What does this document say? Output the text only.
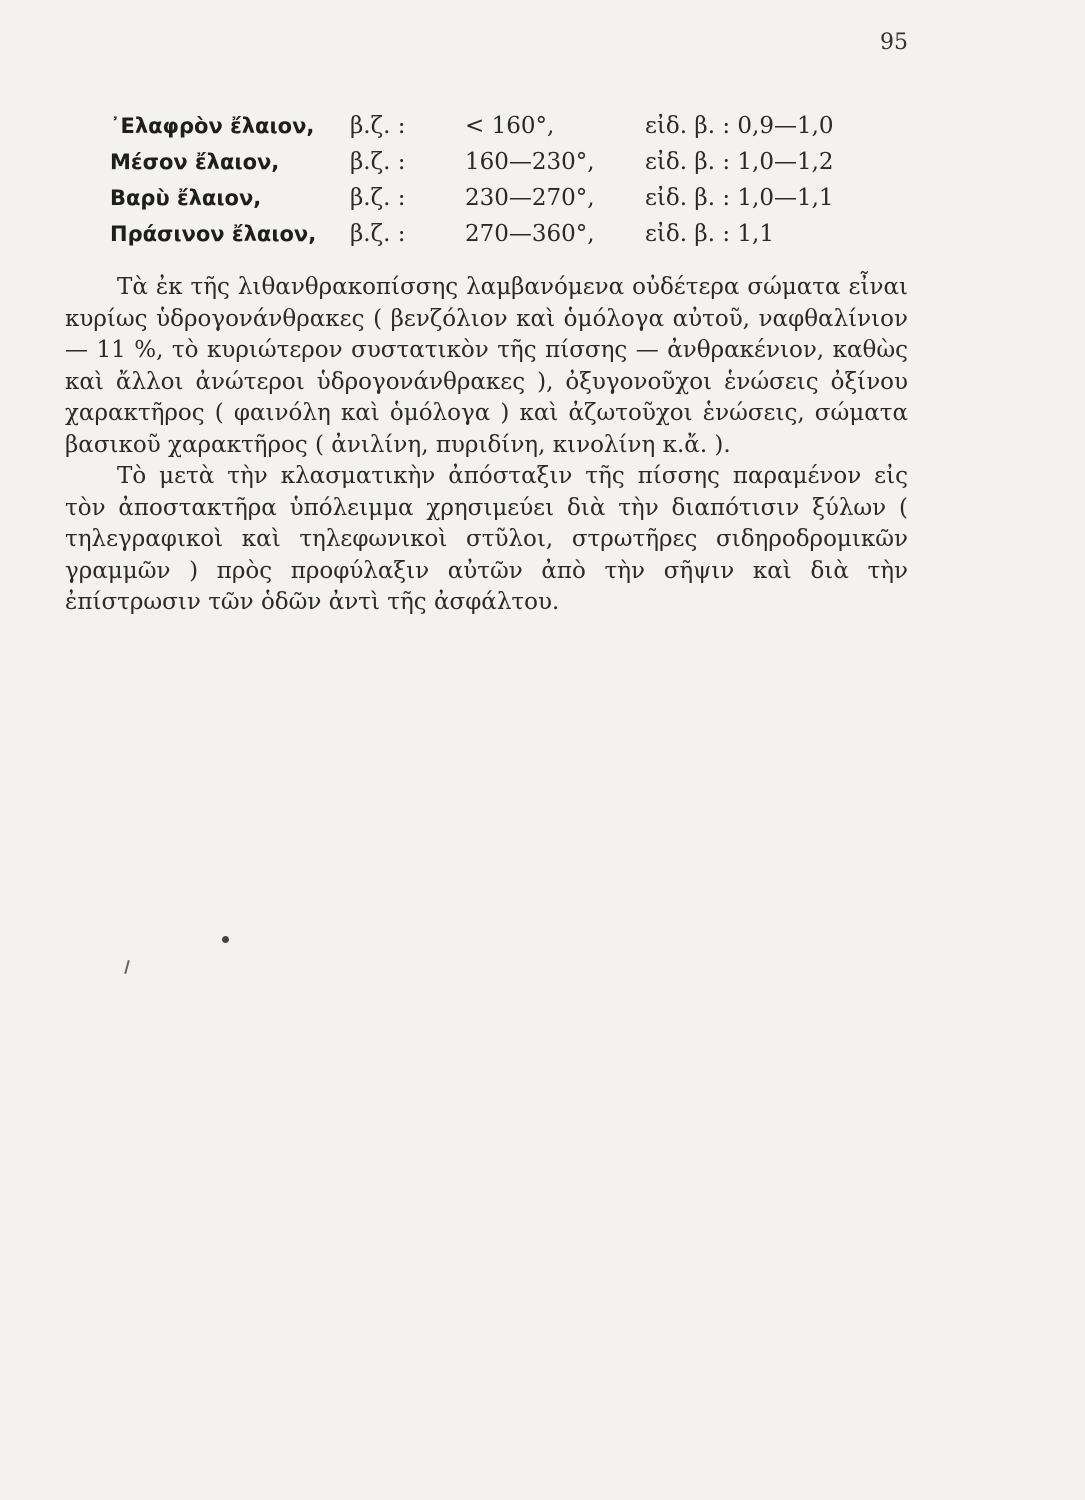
95
᾿Ελαφρὸν ἔλαιον, β.ζ. :	< 160°,	εἰδ. β. : 0,9—1,0
Μέσον ἔλαιον,	β.ζ. :	160—230°, εἰδ. β. : 1,0—1,2
Βαρὺ ἔλαιον,	β.ζ. :	230—270°, εἰδ. β. : 1,0—1,1
Πράσινον ἔλαιον, β.ζ. :	270—360°, εἰδ. β. : 1,1

Τὰ ἐκ τῆς λιθανθρακοπίσσης λαμβανόμενα οὐδέτερα σώματα εἶναι κυρίως ὑδρογονάνθρακες ( βενζόλιον καὶ ὁμόλογα αὐτοῦ, ναφθαλίνιον — 11 %, τὸ κυριώτερον συστατικὸν τῆς πίσσης — ἀνθρακένιον, καθὼς καὶ ἄλλοι ἀνώτεροι ὑδρογονάνθρακες ), ὀξυγονοῦχοι ἑνώσεις ὀξίνου χαρακτῆρος ( φαινόλη καὶ ὁμόλογα ) καὶ ἀζωτοῦχοι ἑνώσεις, σώματα βασικοῦ χαρακτῆρος ( ἀνιλίνη, πυριδίνη, κινολίνη κ.ἄ. ).

Τὸ μετὰ τὴν κλασματικὴν ἀπόσταξιν τῆς πίσσης παραμένον εἰς τὸν ἀποστακτῆρα ὑπόλειμμα χρησιμεύει διὰ τὴν διαπότισιν ξύλων ( τηλεγραφικοὶ καὶ τηλεφωνικοὶ στῦλοι, στρωτῆρες σιδηροδρομικῶν γραμμῶν ) πρὸς προφύλαξιν αὐτῶν ἀπὸ τὴν σῆψιν καὶ διὰ τὴν ἐπίστρωσιν τῶν ὁδῶν ἀντὶ τῆς ἀσφάλτου.
